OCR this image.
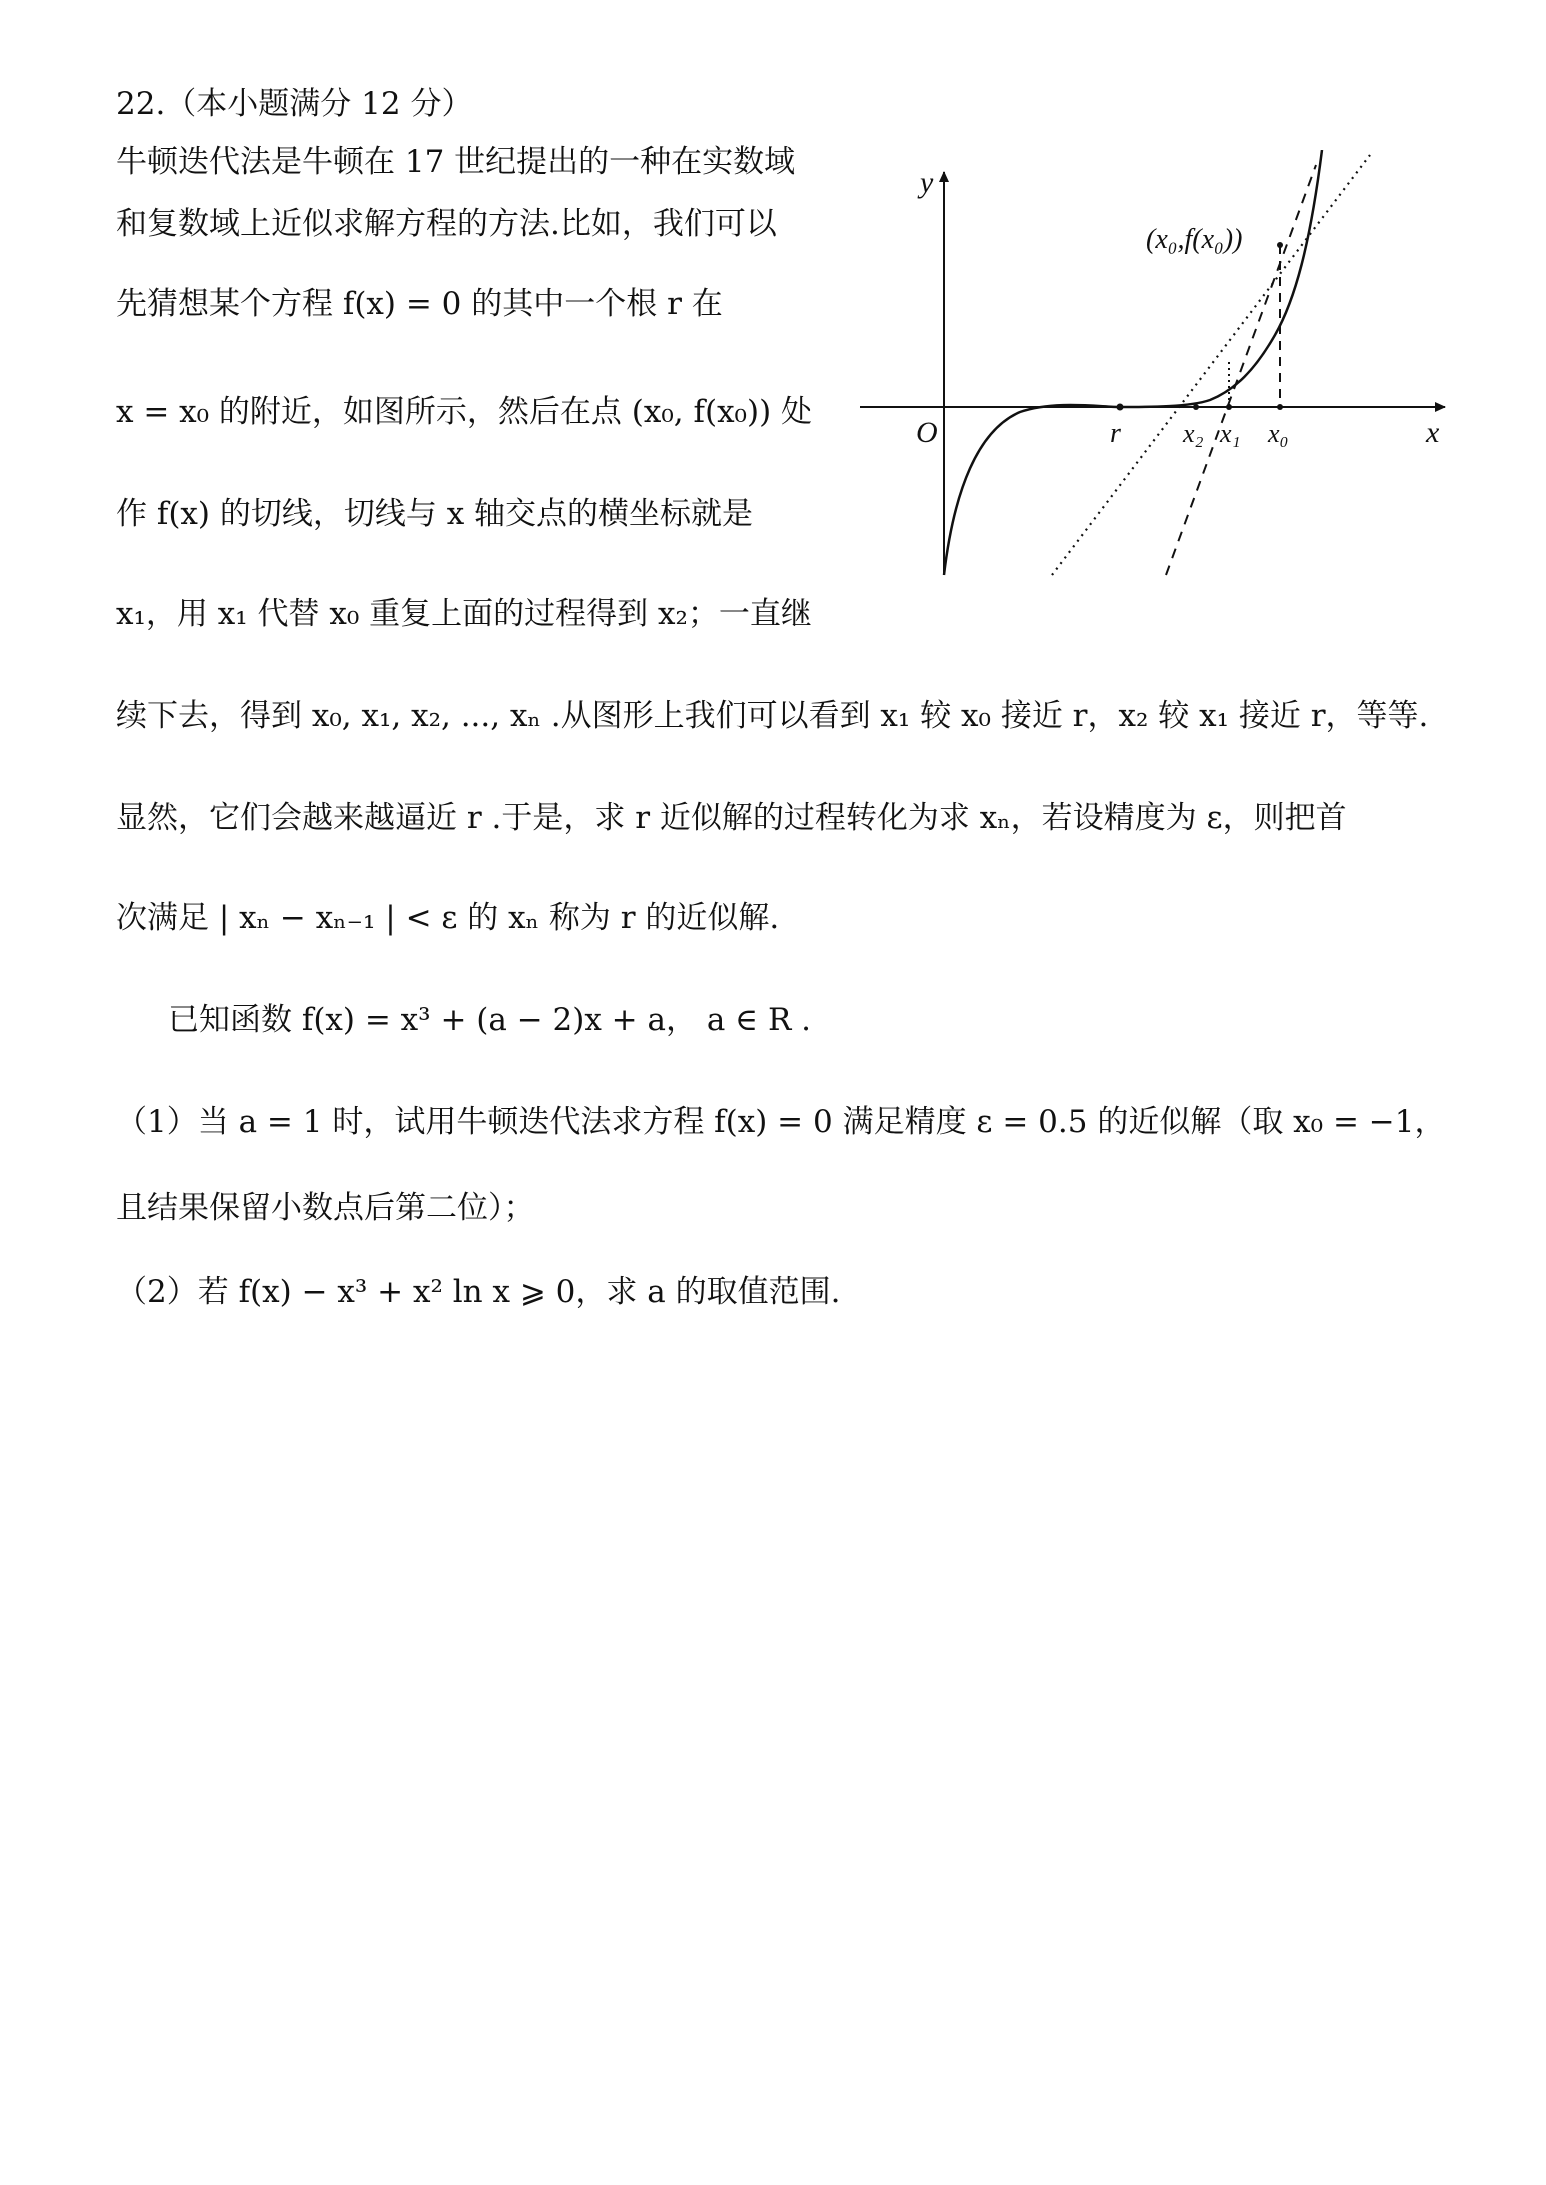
22.（本小题满分 12 分）
牛顿迭代法是牛顿在 17 世纪提出的一种在实数域
和复数域上近似求解方程的方法.比如，我们可以
先猜想某个方程 f(x) = 0 的其中一个根 r 在
x = x₀ 的附近，如图所示，然后在点 (x₀, f(x₀)) 处
作 f(x) 的切线，切线与 x 轴交点的横坐标就是
x₁，用 x₁ 代替 x₀ 重复上面的过程得到 x₂；一直继
续下去，得到 x₀, x₁, x₂, ..., xₙ .从图形上我们可以看到 x₁ 较 x₀ 接近 r，x₂ 较 x₁ 接近 r，等等.
显然，它们会越来越逼近 r .于是，求 r 近似解的过程转化为求 xₙ，若设精度为 ε，则把首
次满足 | xₙ − xₙ₋₁ | < ε 的 xₙ 称为 r 的近似解.
已知函数 f(x) = x³ + (a − 2)x + a， a ∈ R .
（1）当 a = 1 时，试用牛顿迭代法求方程 f(x) = 0 满足精度 ε = 0.5 的近似解（取 x₀ = −1，
且结果保留小数点后第二位）；
（2）若 f(x) − x³ + x² ln x ⩾ 0，求 a 的取值范围.
y
x
O	r x₂ x₁ x₀
(x₀,f(x₀))
